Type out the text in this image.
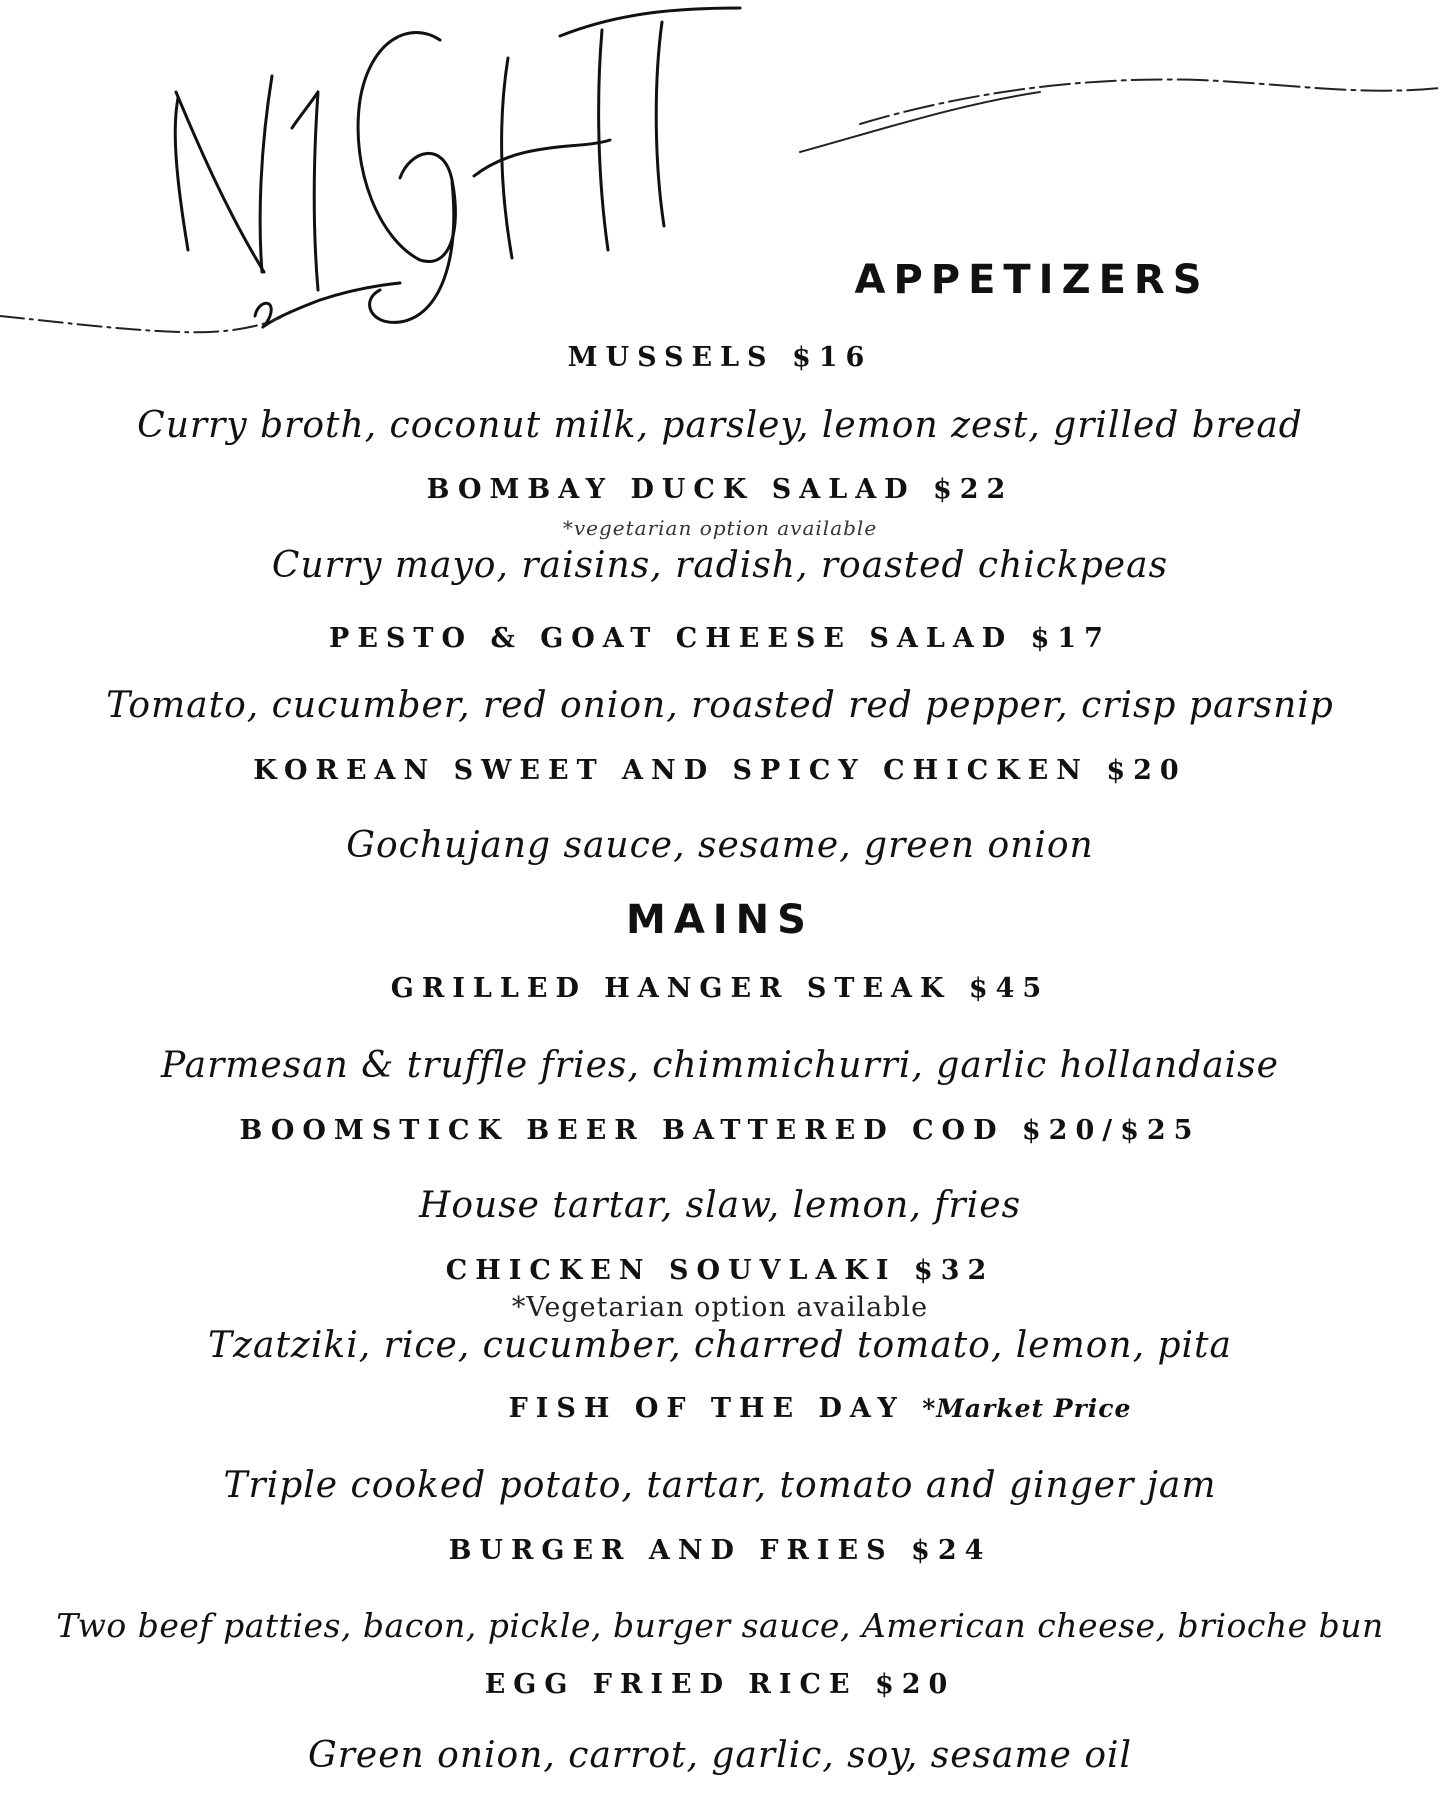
APPETIZERS
MUSSELS $16
Curry broth, coconut milk, parsley, lemon zest, grilled bread
BOMBAY DUCK SALAD $22
*vegetarian option available
Curry mayo, raisins, radish, roasted chickpeas
PESTO & GOAT CHEESE SALAD $17
Tomato, cucumber, red onion, roasted red pepper, crisp parsnip
KOREAN SWEET AND SPICY CHICKEN $20
Gochujang sauce, sesame, green onion
MAINS
GRILLED HANGER STEAK $45
Parmesan & truffle fries, chimmichurri, garlic hollandaise
BOOMSTICK BEER BATTERED COD $20/$25
House tartar, slaw, lemon, fries
CHICKEN SOUVLAKI $32
*Vegetarian option available
Tzatziki, rice, cucumber, charred tomato, lemon, pita
FISH OF THE DAY *Market Price
Triple cooked potato, tartar, tomato and ginger jam
BURGER AND FRIES $24
Two beef patties, bacon, pickle, burger sauce, American cheese, brioche bun
EGG FRIED RICE $20
Green onion, carrot, garlic, soy, sesame oil
